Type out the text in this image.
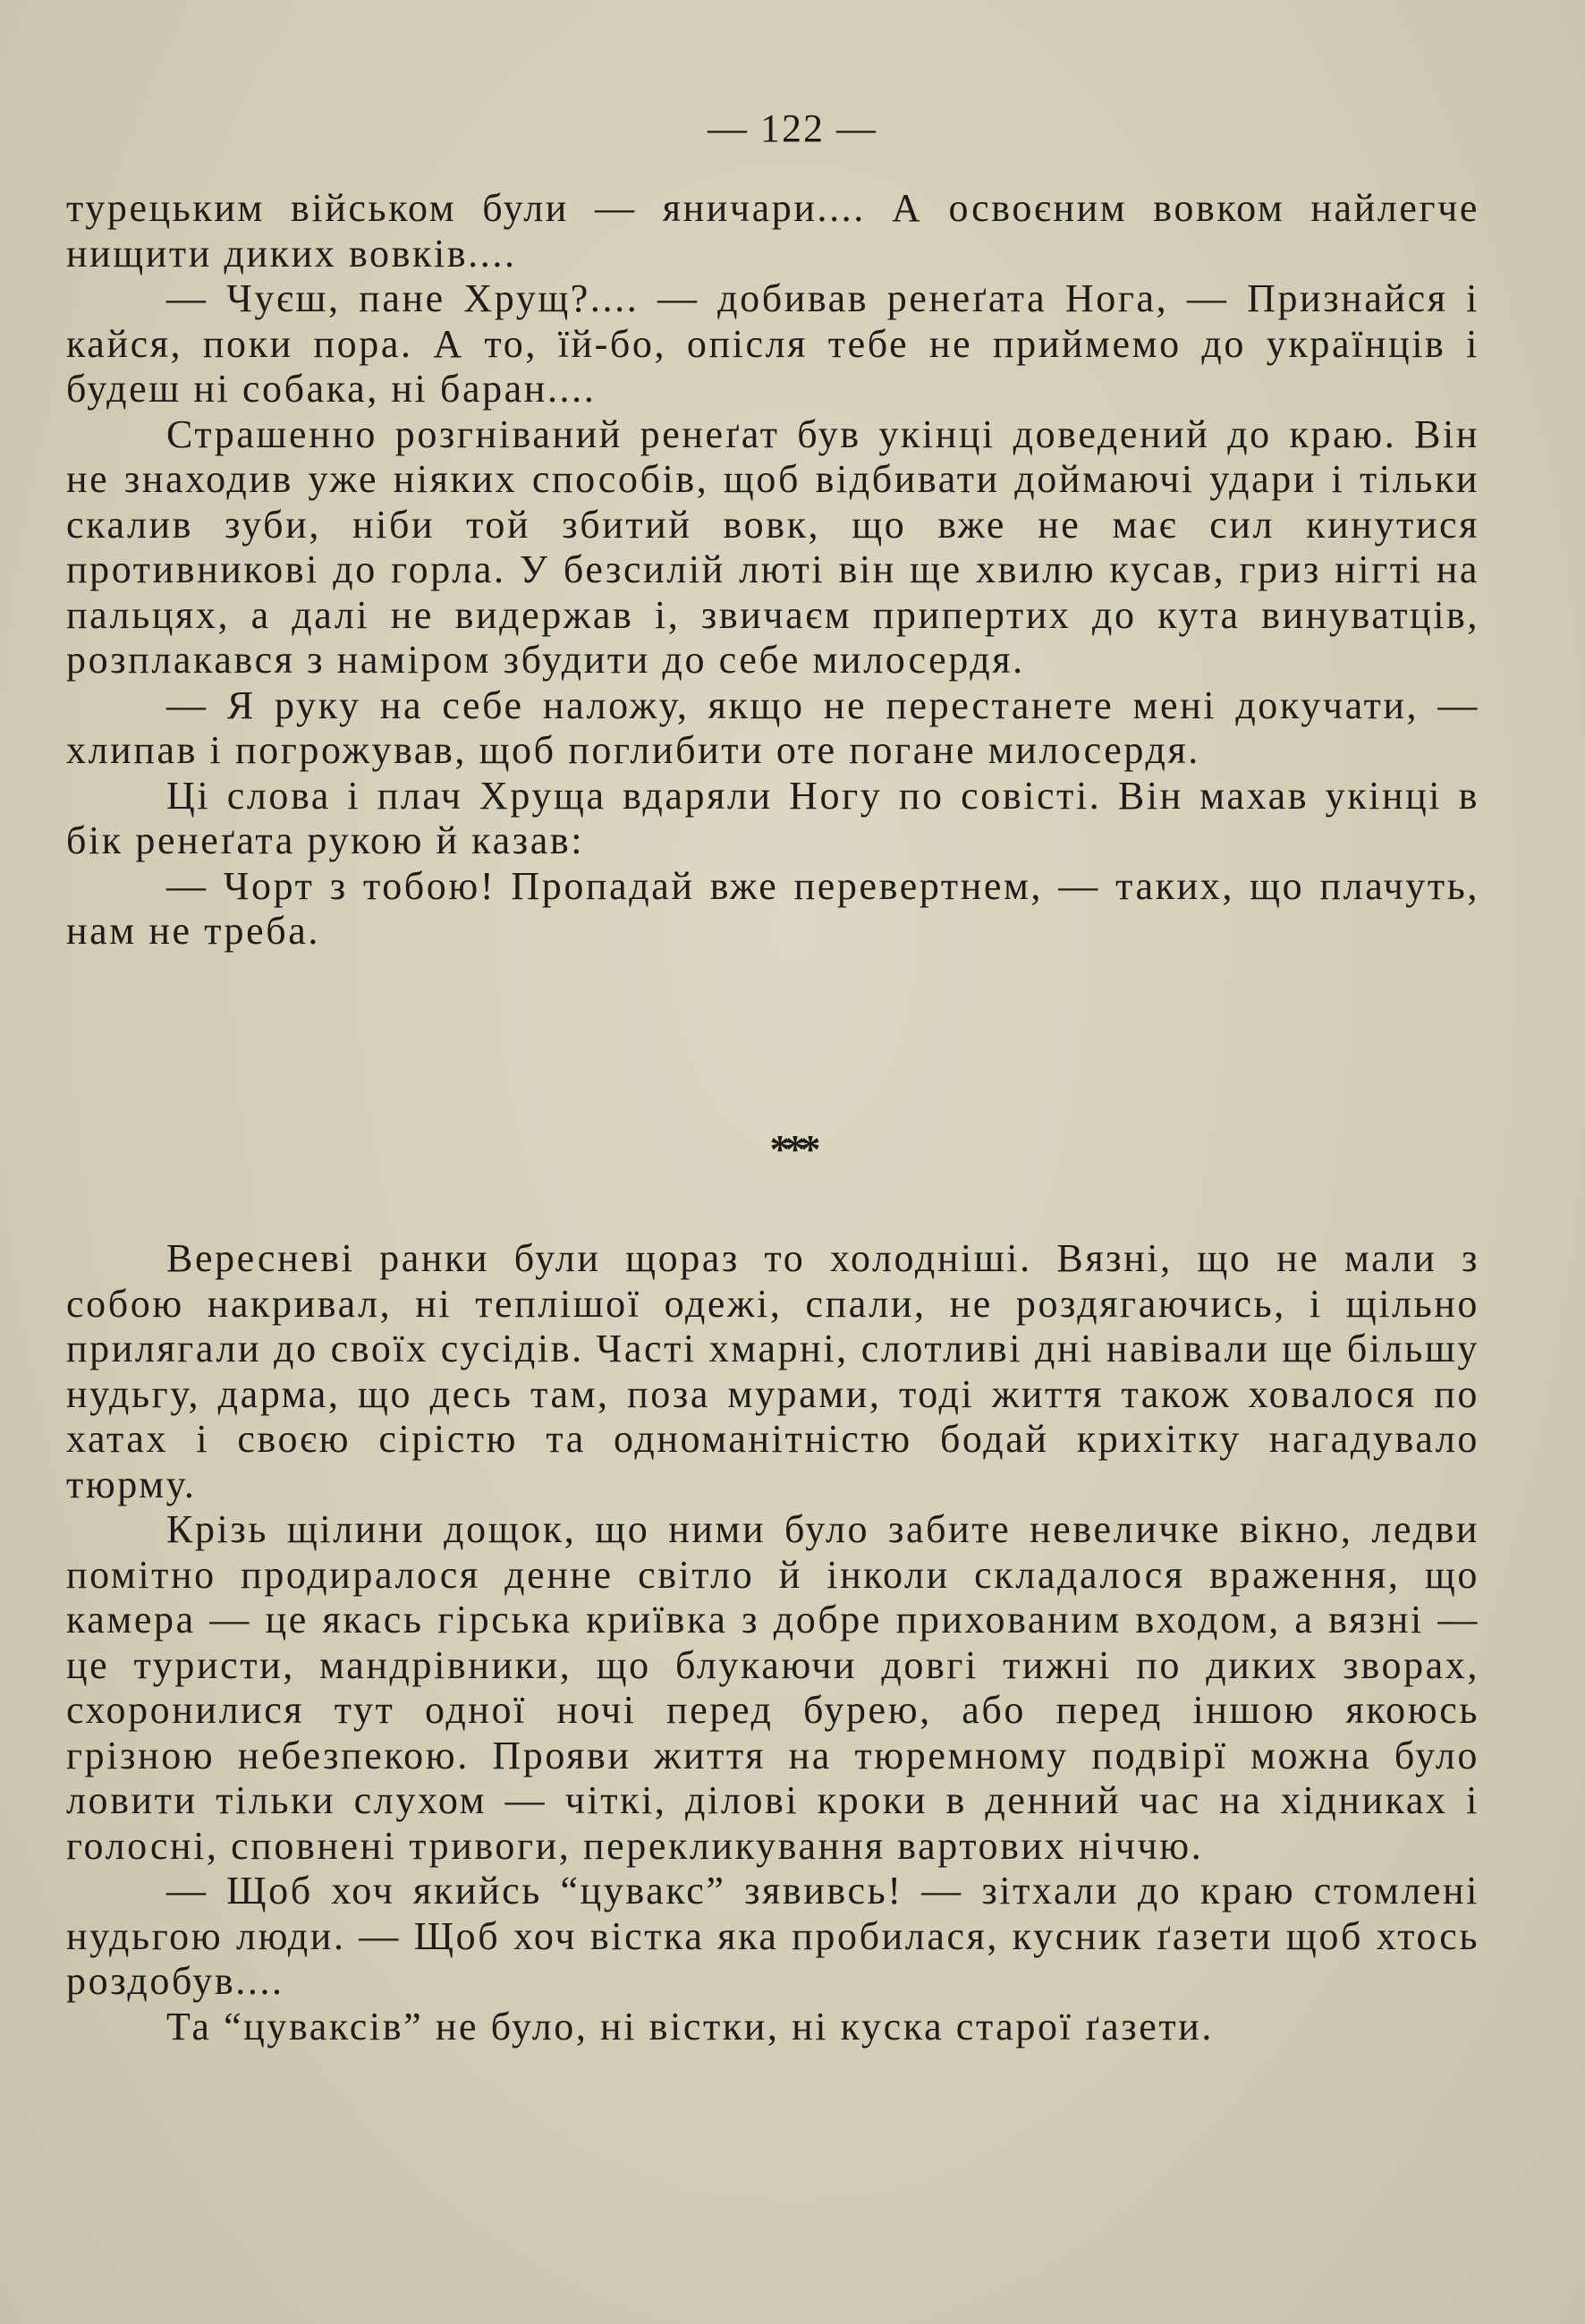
— 122 —

турецьким військом були — яничари.... А освоєним вовком найлегче нищити диких вовків....

— Чуєш, пане Хрущ?.... — добивав ренеґата Нога, — Признайся і кайся, поки пора. А то, їй-бо, опісля тебе не приймемо до українців і будеш ні собака, ні баран....

Страшенно розгніваний ренеґат був укінці доведений до краю. Він не знаходив уже ніяких способів, щоб відбивати доймаючі удари і тільки скалив зуби, ніби той збитий вовк, що вже не має сил кинутися противникові до горла. У безсилій люті він ще хвилю кусав, гриз нігті на пальцях, а далі не видержав і, звичаєм припертих до кута винуватців, розплакався з наміром збудити до себе милосердя.

— Я руку на себе наложу, якщо не перестанете мені докучати, — хлипав і погрожував, щоб поглибити оте погане милосердя.

Ці слова і плач Хруща вдаряли Ногу по совісті. Він махав укінці в бік ренеґата рукою й казав:

— Чорт з тобою! Пропадай вже перевертнем, — таких, що плачуть, нам не треба.

***

Вересневі ранки були щораз то холодніші. Вязні, що не мали з собою накривал, ні теплішої одежі, спали, не роздягаючись, і щільно прилягали до своїх сусідів. Часті хмарні, слотливі дні навівали ще більшу нудьгу, дарма, що десь там, поза мурами, тоді життя також ховалося по хатах і своєю сірістю та одноманітністю бодай крихітку нагадувало тюрму.

Крізь щілини дощок, що ними було забите невеличке вікно, ледви помітно продиралося денне світло й інколи складалося враження, що камера — це якась гірська криївка з добре прихованим входом, а вязні — це туристи, мандрівники, що блукаючи довгі тижні по диких зворах, схоронилися тут одної ночі перед бурею, або перед іншою якоюсь грізною небезпекою. Прояви життя на тюремному подвірї можна було ловити тільки слухом — чіткі, ділові кроки в денний час на хідниках і голосні, сповнені тривоги, перекликування вартових ніччю.

— Щоб хоч якийсь “цувакс” зявивсь! — зітхали до краю стомлені нудьгою люди. — Щоб хоч вістка яка пробилася, кусник ґазети щоб хтось роздобув....

Та “цуваксів” не було, ні вістки, ні куска старої ґазети.
